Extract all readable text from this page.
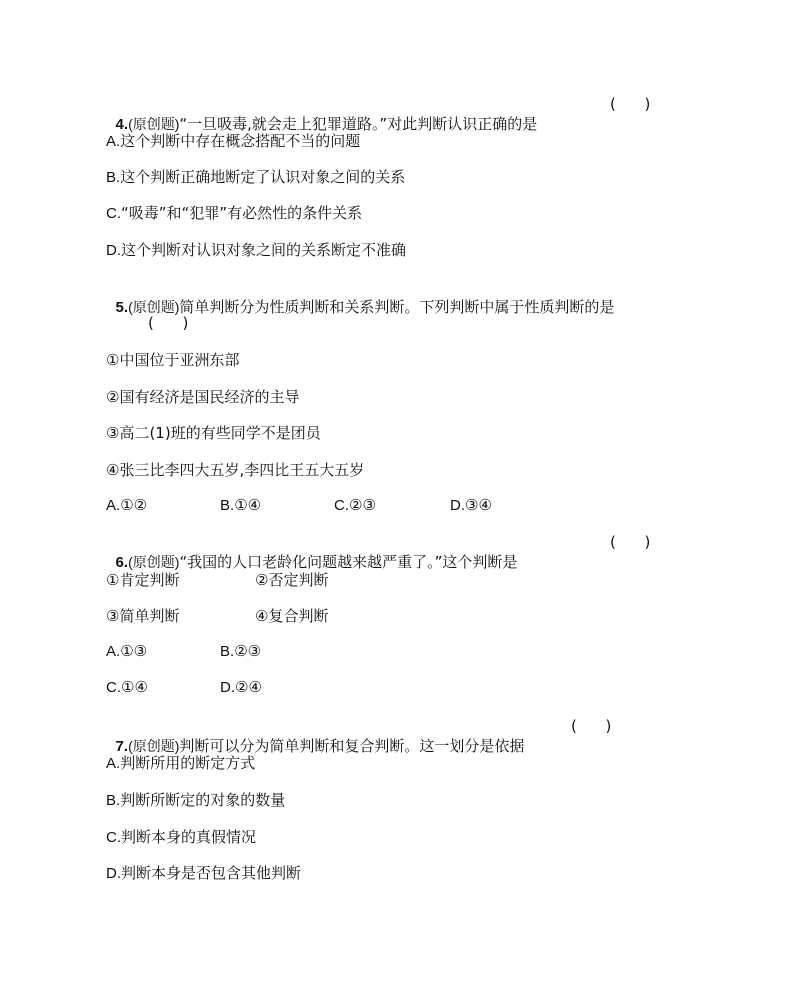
4.(原创题)“一旦吸毒,就会走上犯罪道路。”对此判断认识正确的是

(      )
A.这个判断中存在概念搭配不当的问题
B.这个判断正确地断定了认识对象之间的关系
C.“吸毒”和“犯罪”有必然性的条件关系
D.这个判断对认识对象之间的关系断定不准确

5.(原创题)简单判断分为性质判断和关系判断。下列判断中属于性质判断的是

(      )
①中国位于亚洲东部
②国有经济是国民经济的主导
③高二(1)班的有些同学不是团员
④张三比李四大五岁,李四比王五大五岁
A.①②	B.①④	C.②③	D.③④

6.(原创题)“我国的人口老龄化问题越来越严重了。”这个判断是

(      )
①肯定判断	②否定判断
③简单判断	④复合判断
A.①③	B.②③
C.①④	D.②④

7.(原创题)判断可以分为简单判断和复合判断。这一划分是依据

(      )
A.判断所用的断定方式
B.判断所断定的对象的数量
C.判断本身的真假情况
D.判断本身是否包含其他判断
